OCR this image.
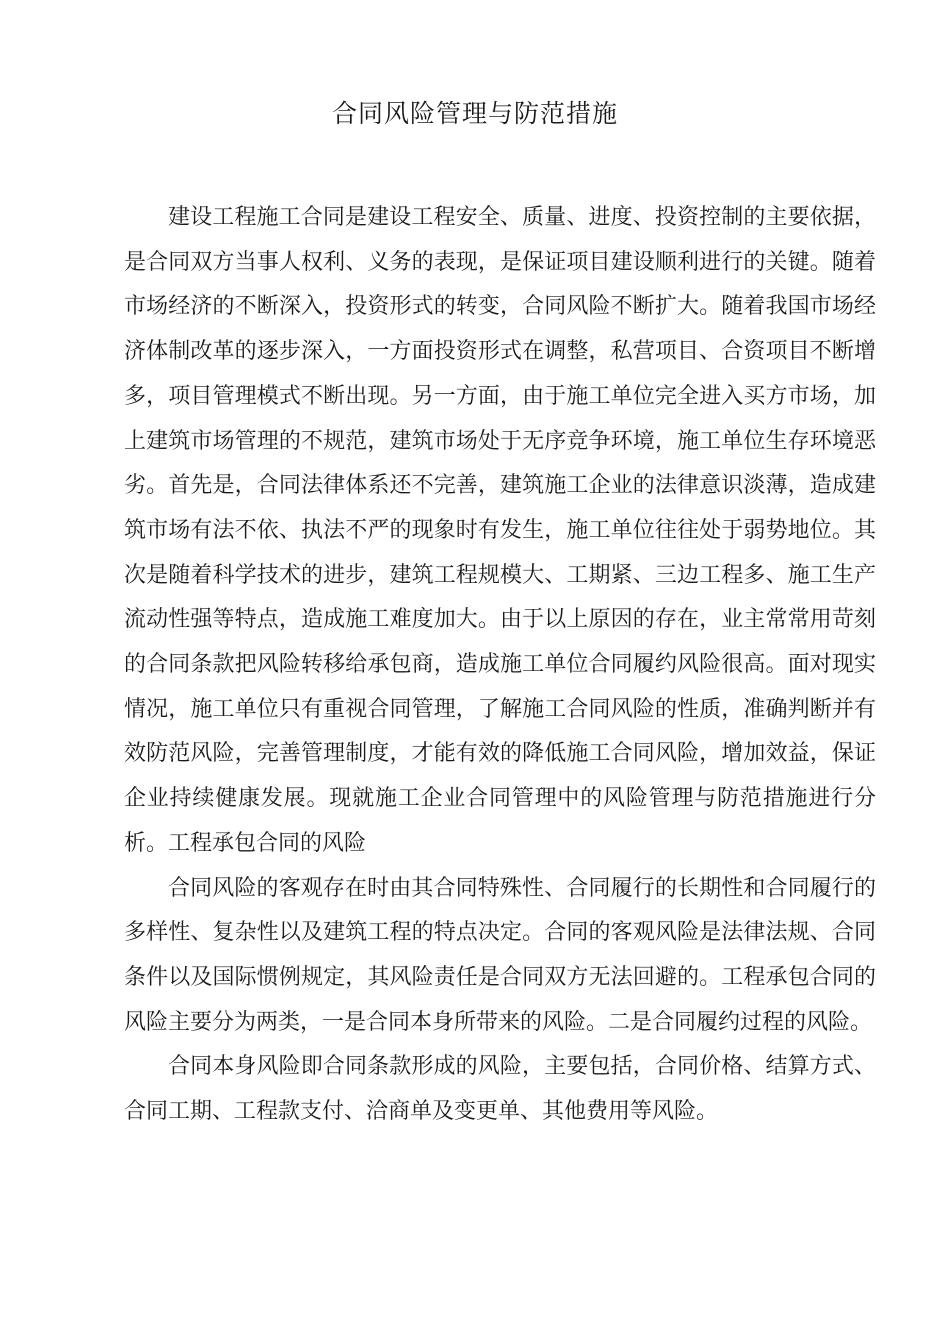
合同风险管理与防范措施

建设工程施工合同是建设工程安全、质量、进度、投资控制的主要依据，是合同双方当事人权利、义务的表现，是保证项目建设顺利进行的关键。随着市场经济的不断深入，投资形式的转变，合同风险不断扩大。随着我国市场经济体制改革的逐步深入，一方面投资形式在调整，私营项目、合资项目不断增多，项目管理模式不断出现。另一方面，由于施工单位完全进入买方市场，加上建筑市场管理的不规范，建筑市场处于无序竞争环境，施工单位生存环境恶劣。首先是，合同法律体系还不完善，建筑施工企业的法律意识淡薄，造成建筑市场有法不依、执法不严的现象时有发生，施工单位往往处于弱势地位。其次是随着科学技术的进步，建筑工程规模大、工期紧、三边工程多、施工生产流动性强等特点，造成施工难度加大。由于以上原因的存在，业主常常用苛刻的合同条款把风险转移给承包商，造成施工单位合同履约风险很高。面对现实情况，施工单位只有重视合同管理，了解施工合同风险的性质，准确判断并有效防范风险，完善管理制度，才能有效的降低施工合同风险，增加效益，保证企业持续健康发展。现就施工企业合同管理中的风险管理与防范措施进行分析。工程承包合同的风险

合同风险的客观存在时由其合同特殊性、合同履行的长期性和合同履行的多样性、复杂性以及建筑工程的特点决定。合同的客观风险是法律法规、合同条件以及国际惯例规定，其风险责任是合同双方无法回避的。工程承包合同的风险主要分为两类，一是合同本身所带来的风险。二是合同履约过程的风险。

合同本身风险即合同条款形成的风险，主要包括，合同价格、结算方式、合同工期、工程款支付、洽商单及变更单、其他费用等风险。
